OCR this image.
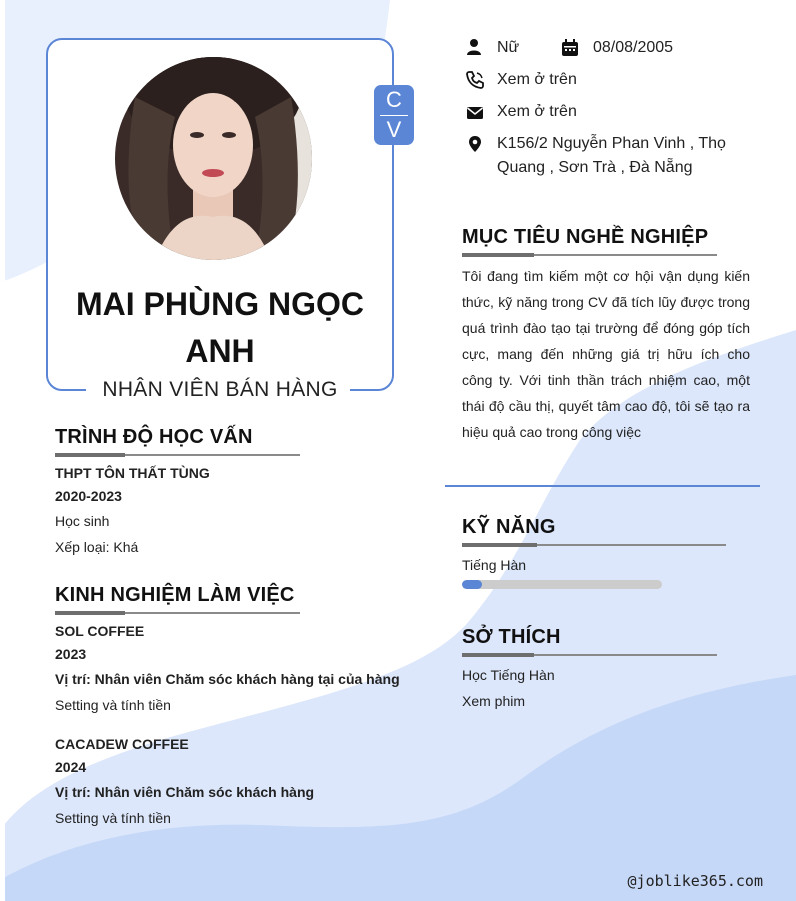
MAI PHÙNG NGỌC ANH
NHÂN VIÊN BÁN HÀNG
C
V
Nữ	08/08/2005
Xem ở trên
Xem ở trên
K156/2 Nguyễn Phan Vinh , Thọ
Quang , Sơn Trà , Đà Nẵng
MỤC TIÊU NGHỀ NGHIỆP
Tôi đang tìm kiếm một cơ hội vận dụng kiến thức, kỹ năng trong CV đã tích lũy được trong quá trình đào tạo tại trường để đóng góp tích cực, mang đến những giá trị hữu ích cho công ty. Với tinh thần trách nhiệm cao, một thái độ cầu thị, quyết tâm cao độ, tôi sẽ tạo ra hiệu quả cao trong công việc
TRÌNH ĐỘ HỌC VẤN
THPT TÔN THẤT TÙNG
2020-2023
Học sinh
Xếp loại: Khá
KINH NGHIỆM LÀM VIỆC
SOL COFFEE
2023
Vị trí: Nhân viên Chăm sóc khách hàng tại của hàng
Setting và tính tiền
CACADEW COFFEE
2024
Vị trí: Nhân viên Chăm sóc khách hàng
Setting và tính tiền
KỸ NĂNG
Tiếng Hàn
SỞ THÍCH
Học Tiếng Hàn
Xem phim
@joblike365.com
